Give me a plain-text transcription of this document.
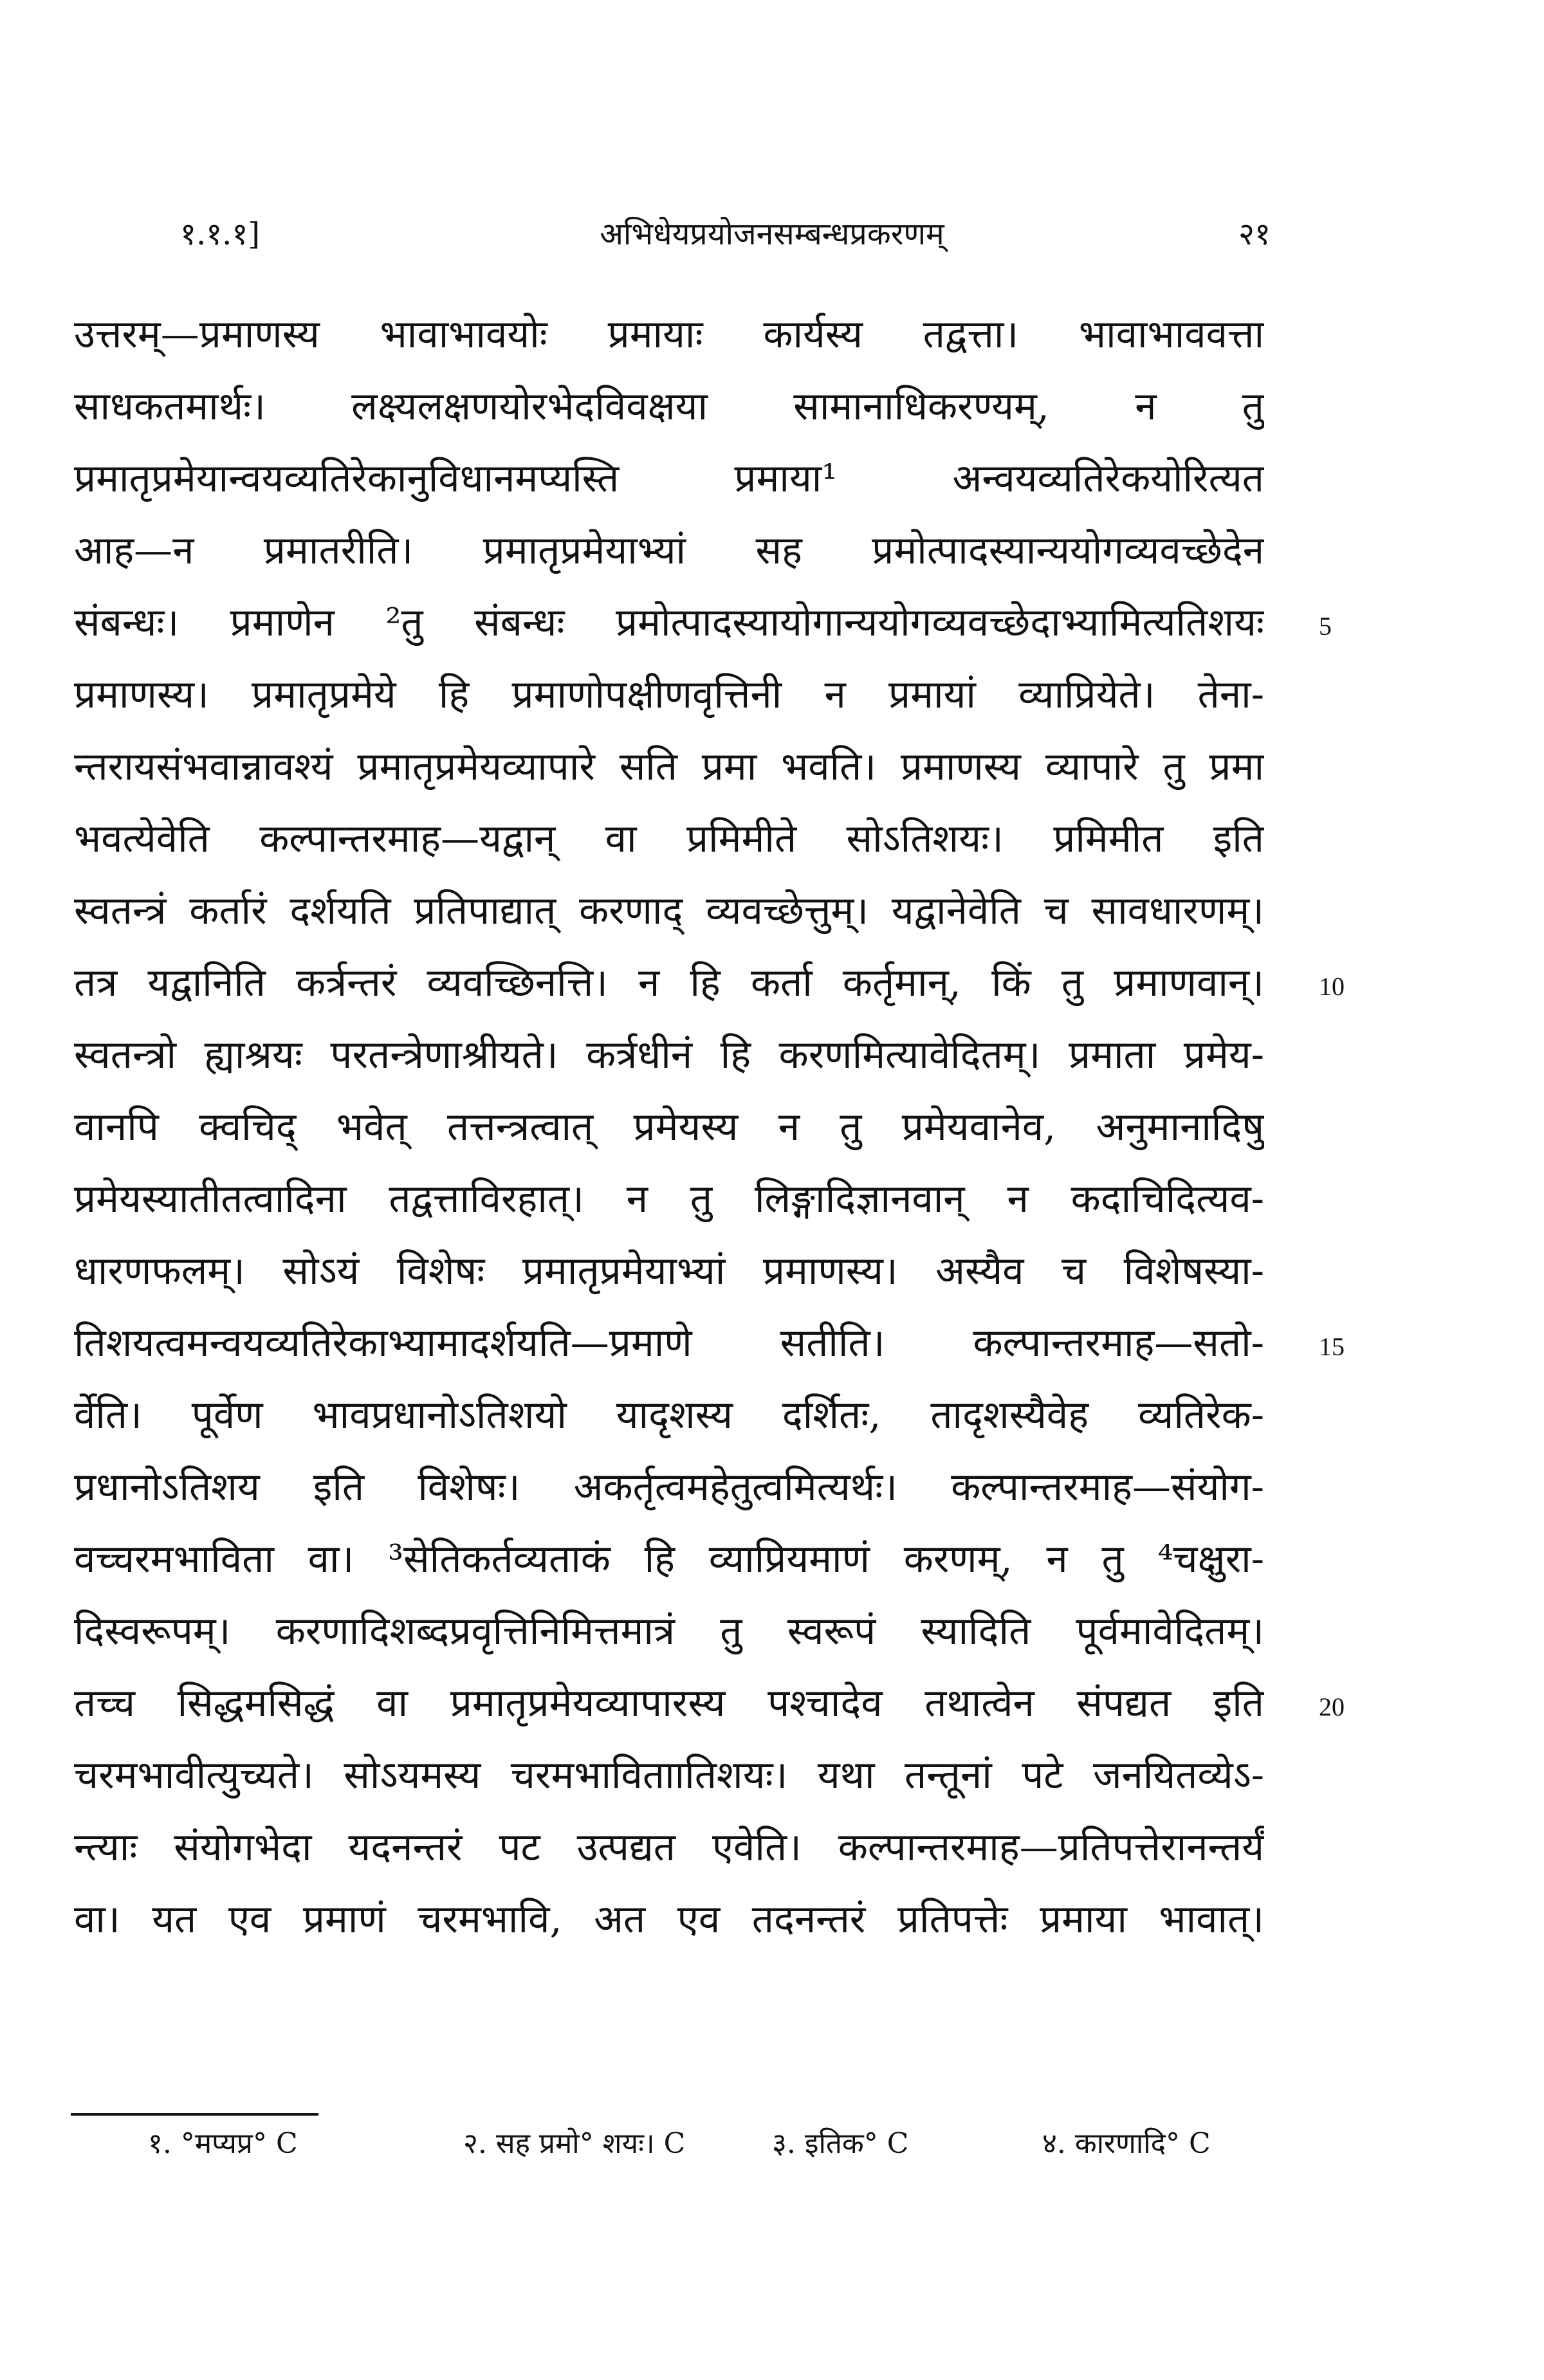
१.१.१]	अभिधेयप्रयोजनसम्बन्धप्रकरणम्	२१
उत्तरम्—प्रमाणस्य भावाभावयोः प्रमायाः कार्यस्य तद्वत्ता। भावाभाववत्ता
साधकतमार्थः। लक्ष्यलक्षणयोरभेदविवक्षया सामानाधिकरण्यम्, न तु
प्रमातृप्रमेयान्वयव्यतिरेकानुविधानमप्यस्ति प्रमाया¹ अन्वयव्यतिरेकयोरित्यत
आह—न प्रमातरीति। प्रमातृप्रमेयाभ्यां सह प्रमोत्पादस्यान्ययोगव्यवच्छेदेन
संबन्धः। प्रमाणेन ²तु संबन्धः प्रमोत्पादस्यायोगान्ययोगव्यवच्छेदाभ्यामित्यतिशयः
प्रमाणस्य। प्रमातृप्रमेये हि प्रमाणोपक्षीणवृत्तिनी न प्रमायां व्याप्रियेते। तेना-
न्तरायसंभवान्नावश्यं प्रमातृप्रमेयव्यापारे सति प्रमा भवति। प्रमाणस्य व्यापारे तु प्रमा
भवत्येवेति कल्पान्तरमाह—यद्वान् वा प्रमिमीते सोऽतिशयः। प्रमिमीत इति
स्वतन्त्रं कर्तारं दर्शयति प्रतिपाद्यात् करणाद् व्यवच्छेत्तुम्। यद्वानेवेति च सावधारणम्।
तत्र यद्वानिति कर्त्रन्तरं व्यवच्छिनत्ति। न हि कर्ता कर्तृमान्, किं तु प्रमाणवान्।
स्वतन्त्रो ह्याश्रयः परतन्त्रेणाश्रीयते। कर्त्रधीनं हि करणमित्यावेदितम्। प्रमाता प्रमेय-
वानपि क्वचिद् भवेत् तत्तन्त्रत्वात् प्रमेयस्य न तु प्रमेयवानेव, अनुमानादिषु
प्रमेयस्यातीतत्वादिना तद्वत्ताविरहात्। न तु लिङ्गादिज्ञानवान् न कदाचिदित्यव-
धारणफलम्। सोऽयं विशेषः प्रमातृप्रमेयाभ्यां प्रमाणस्य। अस्यैव च विशेषस्या-
तिशयत्वमन्वयव्यतिरेकाभ्यामादर्शयति—प्रमाणे सतीति। कल्पान्तरमाह—सतो-
र्वेति। पूर्वेण भावप्रधानोऽतिशयो यादृशस्य दर्शितः, तादृशस्यैवेह व्यतिरेक-
प्रधानोऽतिशय इति विशेषः। अकर्तृत्वमहेतुत्वमित्यर्थः। कल्पान्तरमाह—संयोग-
वच्चरमभाविता वा। ³सेतिकर्तव्यताकं हि व्याप्रियमाणं करणम्, न तु ⁴चक्षुरा-
दिस्वरूपम्। करणादिशब्दप्रवृत्तिनिमित्तमात्रं तु स्वरूपं स्यादिति पूर्वमावेदितम्।
तच्च सिद्धमसिद्धं वा प्रमातृप्रमेयव्यापारस्य पश्चादेव तथात्वेन संपद्यत इति
चरमभावीत्युच्यते। सोऽयमस्य चरमभाविताातिशयः। यथा तन्तूनां पटे जनयितव्येऽ-
न्त्याः संयोगभेदा यदनन्तरं पट उत्पद्यत एवेति। कल्पान्तरमाह—प्रतिपत्तेरानन्तर्यं
वा। यत एव प्रमाणं चरमभावि, अत एव तदनन्तरं प्रतिपत्तेः प्रमाया भावात्।
5
10
15
20
१. °मप्यप्र° C	२. सह प्रमो° शयः। C	३. इतिक° C	४. कारणादि° C
